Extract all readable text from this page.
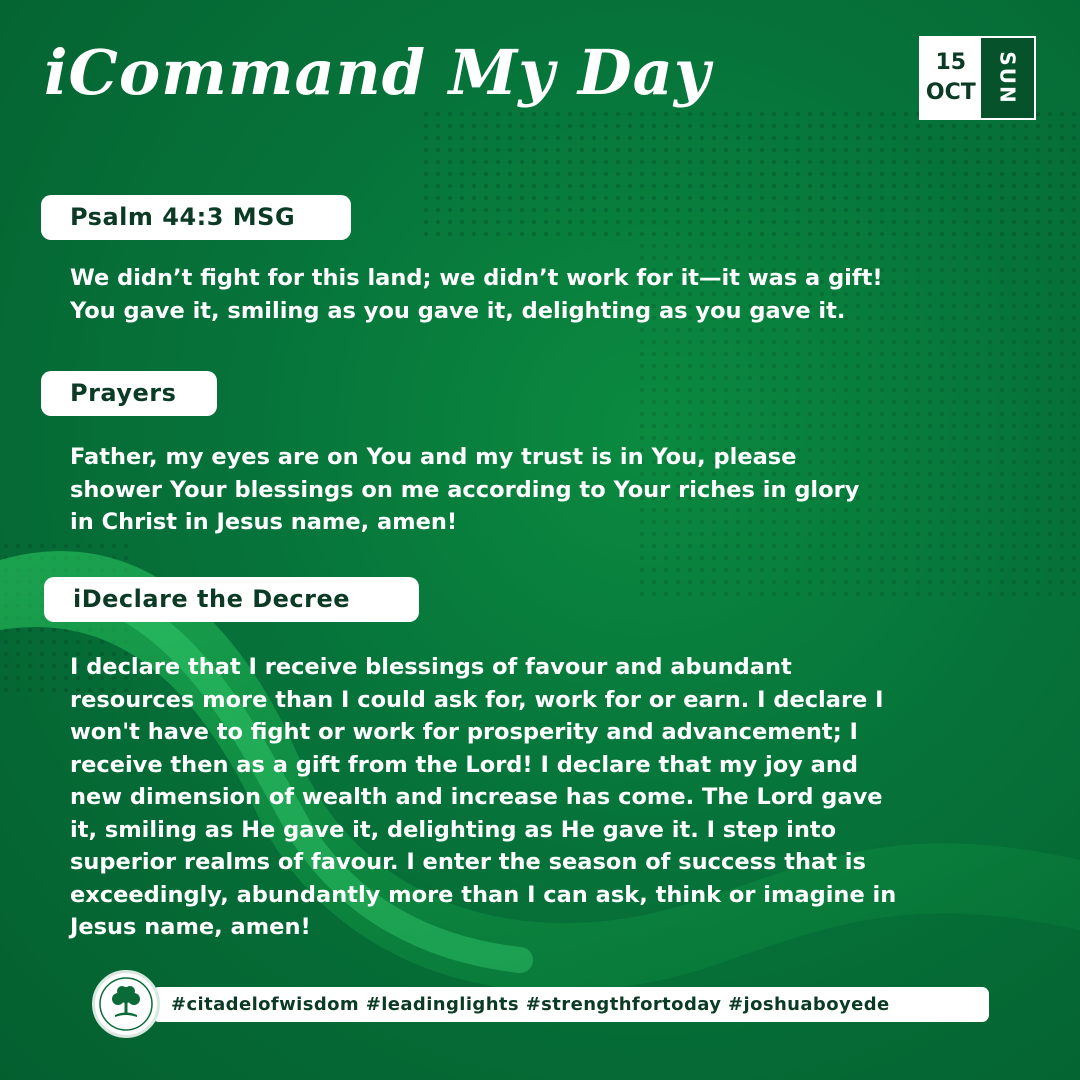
iCommand My Day	15
OCT SUN
Psalm 44:3 MSG
We didn’t fight for this land; we didn’t work for it—it was a gift!
You gave it, smiling as you gave it, delighting as you gave it.
Prayers
Father, my eyes are on You and my trust is in You, please
shower Your blessings on me according to Your riches in glory
in Christ in Jesus name, amen!
iDeclare the Decree
I declare that I receive blessings of favour and abundant
resources more than I could ask for, work for or earn. I declare I
won't have to fight or work for prosperity and advancement; I
receive then as a gift from the Lord! I declare that my joy and
new dimension of wealth and increase has come. The Lord gave
it, smiling as He gave it, delighting as He gave it. I step into
superior realms of favour. I enter the season of success that is
exceedingly, abundantly more than I can ask, think or imagine in
Jesus name, amen!
#citadelofwisdom #leadinglights #strengthfortoday #joshuaboyede
